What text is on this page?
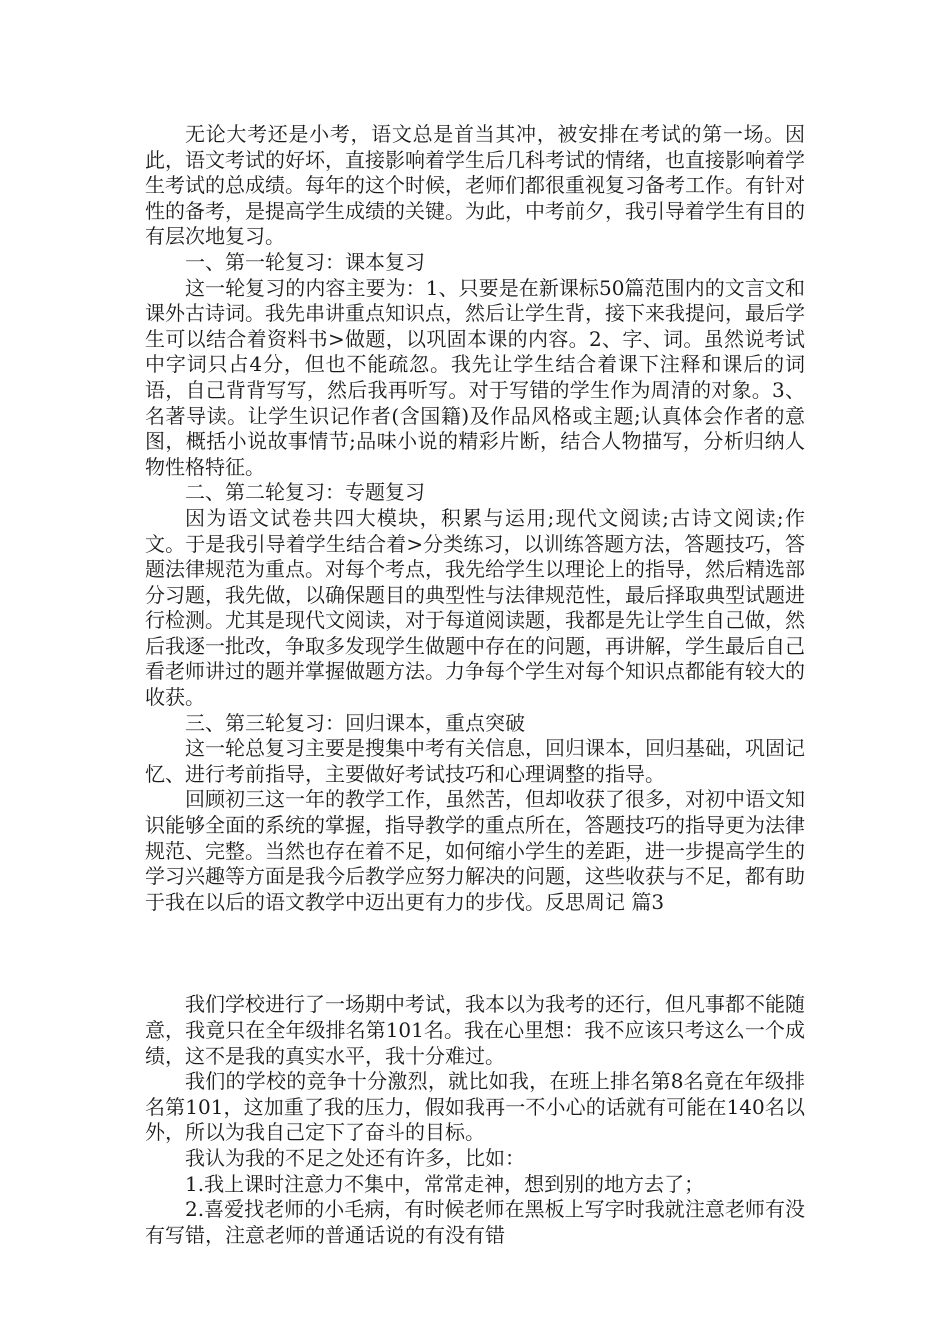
无论大考还是小考，语文总是首当其冲，被安排在考试的第一场。因此，语文考试的好坏，直接影响着学生后几科考试的情绪，也直接影响着学生考试的总成绩。每年的这个时候，老师们都很重视复习备考工作。有针对性的备考，是提高学生成绩的关键。为此，中考前夕，我引导着学生有目的有层次地复习。

一、第一轮复习：课本复习

这一轮复习的内容主要为：1、只要是在新课标50篇范围内的文言文和课外古诗词。我先串讲重点知识点，然后让学生背，接下来我提问，最后学生可以结合着资料书>做题，以巩固本课的内容。2、字、词。虽然说考试中字词只占4分，但也不能疏忽。我先让学生结合着课下注释和课后的词语，自己背背写写，然后我再听写。对于写错的学生作为周清的对象。3、名著导读。让学生识记作者(含国籍)及作品风格或主题;认真体会作者的意图，概括小说故事情节;品味小说的精彩片断，结合人物描写，分析归纳人物性格特征。

二、第二轮复习：专题复习

因为语文试卷共四大模块，积累与运用;现代文阅读;古诗文阅读;作文。于是我引导着学生结合着>分类练习，以训练答题方法，答题技巧，答题法律规范为重点。对每个考点，我先给学生以理论上的指导，然后精选部分习题，我先做，以确保题目的典型性与法律规范性，最后择取典型试题进行检测。尤其是现代文阅读，对于每道阅读题，我都是先让学生自己做，然后我逐一批改，争取多发现学生做题中存在的问题，再讲解，学生最后自己看老师讲过的题并掌握做题方法。力争每个学生对每个知识点都能有较大的收获。

三、第三轮复习：回归课本，重点突破

这一轮总复习主要是搜集中考有关信息，回归课本，回归基础，巩固记忆、进行考前指导，主要做好考试技巧和心理调整的指导。

回顾初三这一年的教学工作，虽然苦，但却收获了很多，对初中语文知识能够全面的系统的掌握，指导教学的重点所在，答题技巧的指导更为法律规范、完整。当然也存在着不足，如何缩小学生的差距，进一步提高学生的学习兴趣等方面是我今后教学应努力解决的问题，这些收获与不足，都有助于我在以后的语文教学中迈出更有力的步伐。反思周记 篇3

我们学校进行了一场期中考试，我本以为我考的还行，但凡事都不能随意，我竟只在全年级排名第101名。我在心里想：我不应该只考这么一个成绩，这不是我的真实水平，我十分难过。

我们的学校的竞争十分激烈，就比如我，在班上排名第8名竟在年级排名第101，这加重了我的压力，假如我再一不小心的话就有可能在140名以外，所以为我自己定下了奋斗的目标。

我认为我的不足之处还有许多，比如：

1.我上课时注意力不集中，常常走神，想到别的地方去了；

2.喜爱找老师的小毛病，有时候老师在黑板上写字时我就注意老师有没有写错，注意老师的普通话说的有没有错
